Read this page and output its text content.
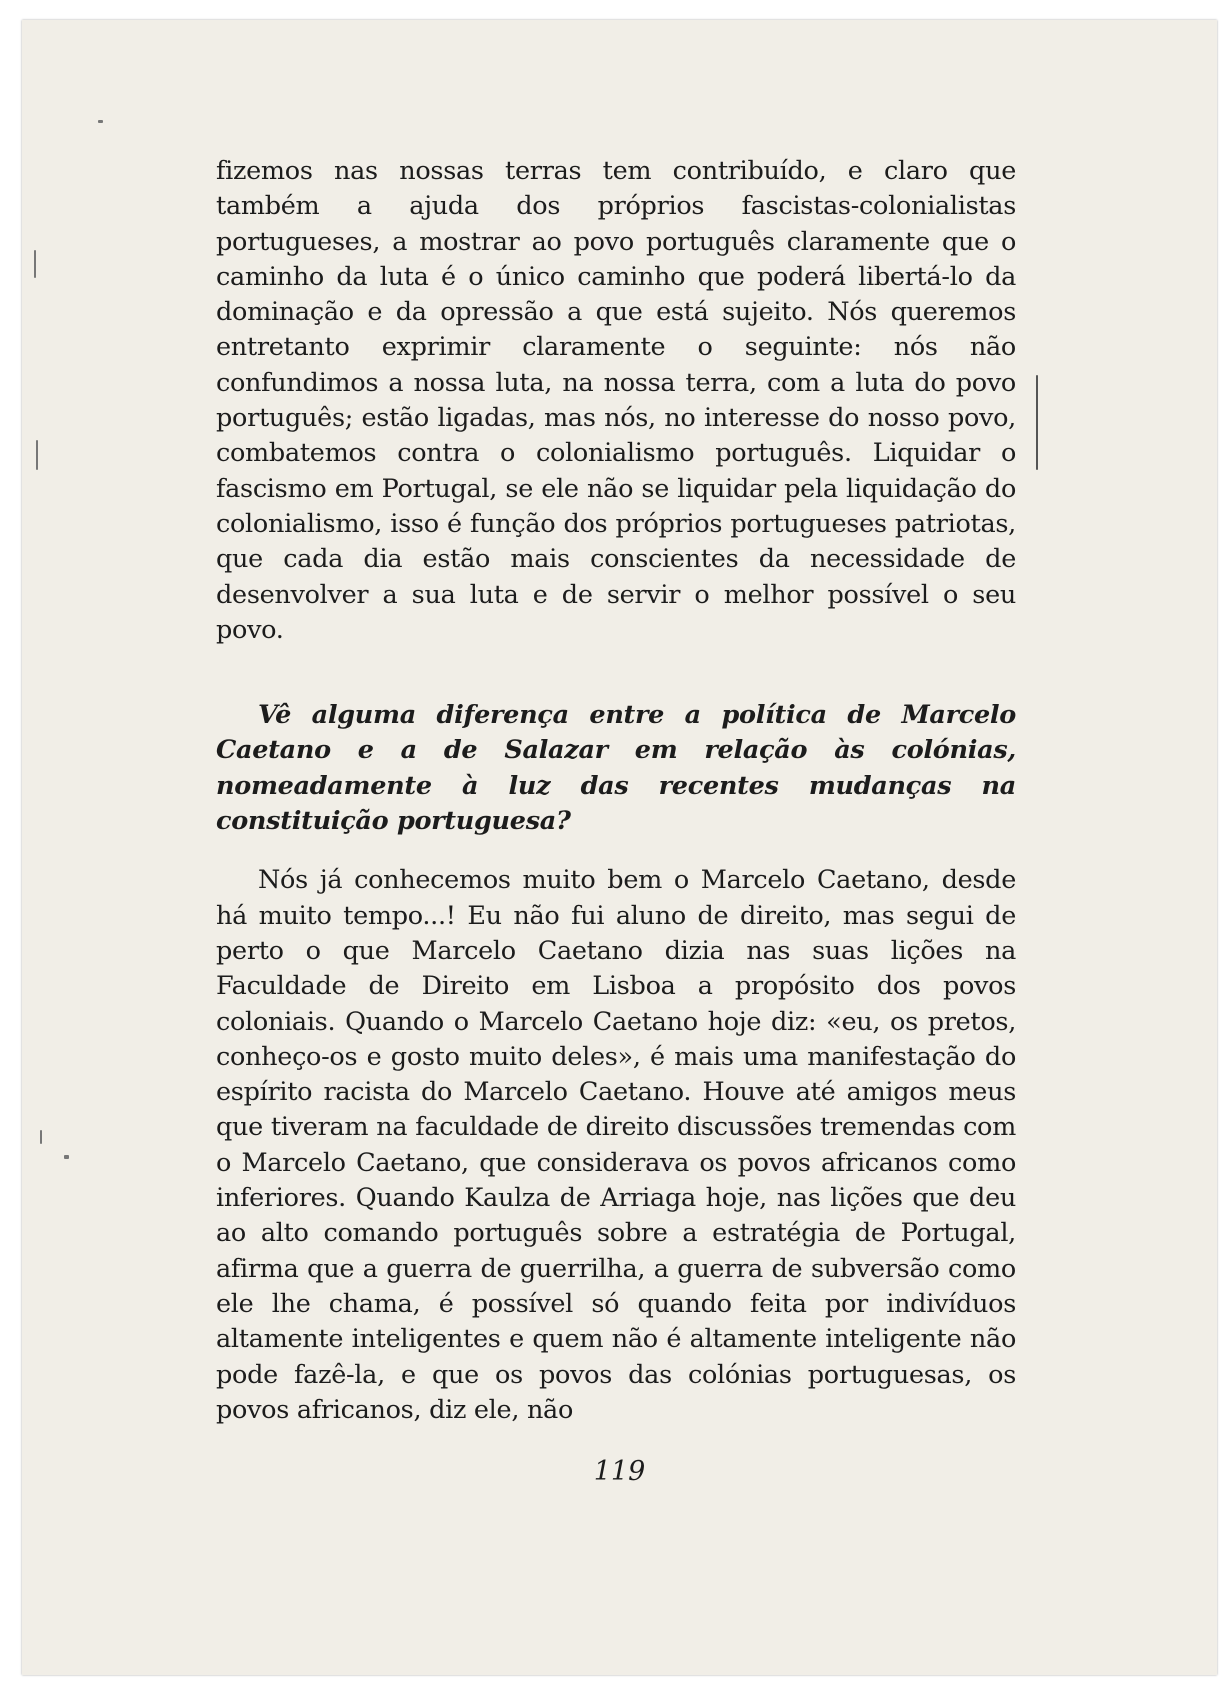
fizemos nas nossas terras tem contribuído, e claro que também a ajuda dos próprios fascistas-colonialistas portugueses, a mostrar ao povo português claramente que o caminho da luta é o único caminho que poderá libertá-lo da dominação e da opressão a que está sujeito. Nós queremos entretanto exprimir claramente o seguinte: nós não confundimos a nossa luta, na nossa terra, com a luta do povo português; estão ligadas, mas nós, no interesse do nosso povo, combatemos contra o colonialismo português. Liquidar o fascismo em Portugal, se ele não se liquidar pela liquidação do colonialismo, isso é função dos próprios portugueses patriotas, que cada dia estão mais conscientes da necessidade de desenvolver a sua luta e de servir o melhor possível o seu povo.

Vê alguma diferença entre a política de Marcelo Caetano e a de Salazar em relação às colónias, nomeadamente à luz das recentes mudanças na constituição portuguesa?

Nós já conhecemos muito bem o Marcelo Caetano, desde há muito tempo...! Eu não fui aluno de direito, mas segui de perto o que Marcelo Caetano dizia nas suas lições na Faculdade de Direito em Lisboa a propósito dos povos coloniais. Quando o Marcelo Caetano hoje diz: «eu, os pretos, conheço-os e gosto muito deles», é mais uma manifestação do espírito racista do Marcelo Caetano. Houve até amigos meus que tiveram na faculdade de direito discussões tremendas com o Marcelo Caetano, que considerava os povos africanos como inferiores. Quando Kaulza de Arriaga hoje, nas lições que deu ao alto comando português sobre a estratégia de Portugal, afirma que a guerra de guerrilha, a guerra de subversão como ele lhe chama, é possível só quando feita por indivíduos altamente inteligentes e quem não é altamente inteligente não pode fazê-la, e que os povos das colónias portuguesas, os povos africanos, diz ele, não

119
